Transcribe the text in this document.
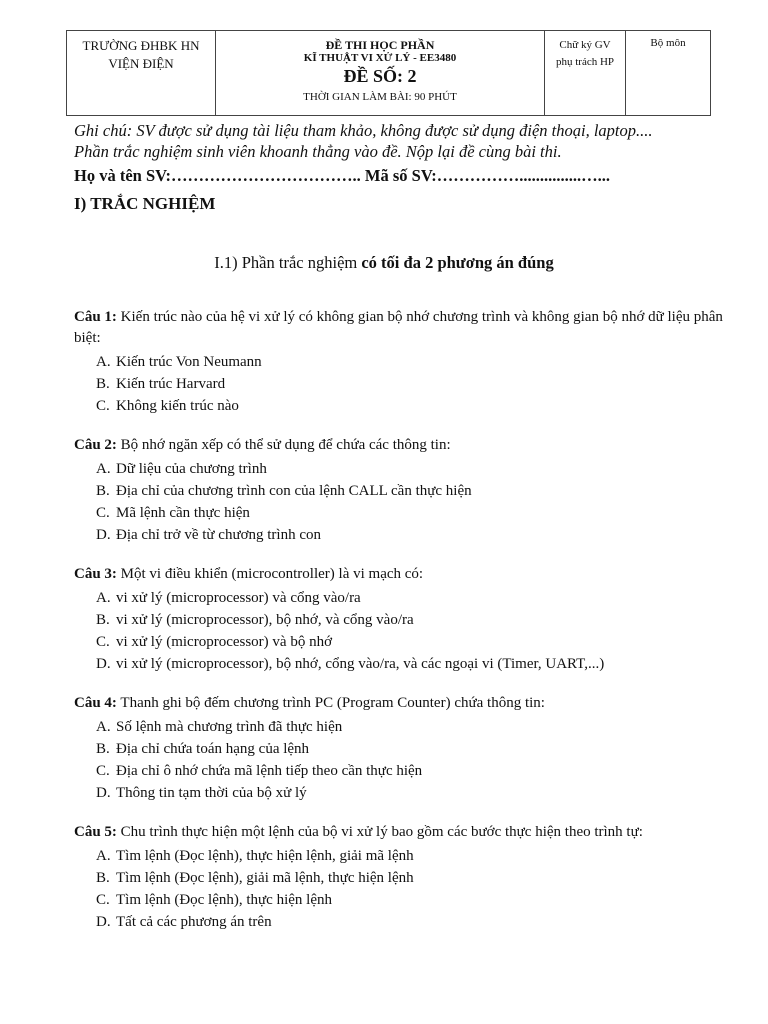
TRƯỜNG ĐHBK HN
VIỆN ĐIỆN

ĐỀ THI HỌC PHẦN
KĨ THUẬT VI XỬ LÝ - EE3480
ĐỀ SỐ: 2
THỜI GIAN LÀM BÀI: 90 PHÚT

Chữ ký GV
phụ trách HP

Bộ môn
Ghi chú: SV được sử dụng tài liệu tham khảo, không được sử dụng điện thoại, laptop....
Phần trắc nghiệm sinh viên khoanh thẳng vào đề. Nộp lại đề cùng bài thi.
Họ và tên SV:…………………………….. Mã số SV:……………...............…...
I) TRẮC NGHIỆM
I.1) Phần trắc nghiệm có tối đa 2 phương án đúng
Câu 1: Kiến trúc nào của hệ vi xử lý có không gian bộ nhớ chương trình và không gian bộ nhớ dữ liệu phân biệt:
A. Kiến trúc Von Neumann
B. Kiến trúc Harvard
C. Không kiến trúc nào
Câu 2: Bộ nhớ ngăn xếp có thể sử dụng để chứa các thông tin:
A. Dữ liệu của chương trình
B. Địa chỉ của chương trình con của lệnh CALL cần thực hiện
C. Mã lệnh cần thực hiện
D. Địa chỉ trở về từ chương trình con
Câu 3: Một vi điều khiển (microcontroller) là vi mạch có:
A. vi xử lý (microprocessor) và cổng vào/ra
B. vi xử lý (microprocessor), bộ nhớ, và cổng vào/ra
C. vi xử lý (microprocessor) và bộ nhớ
D. vi xử lý (microprocessor), bộ nhớ, cổng vào/ra, và các ngoại vi (Timer, UART,...)
Câu 4: Thanh ghi bộ đếm chương trình PC (Program Counter) chứa thông tin:
A. Số lệnh mà chương trình đã thực hiện
B. Địa chỉ chứa toán hạng của lệnh
C. Địa chỉ ô nhớ chứa mã lệnh tiếp theo cần thực hiện
D. Thông tin tạm thời của bộ xử lý
Câu 5: Chu trình thực hiện một lệnh của bộ vi xử lý bao gồm các bước thực hiện theo trình tự:
A. Tìm lệnh (Đọc lệnh), thực hiện lệnh, giải mã lệnh
B. Tìm lệnh (Đọc lệnh), giải mã lệnh, thực hiện lệnh
C. Tìm lệnh (Đọc lệnh), thực hiện lệnh
D. Tất cả các phương án trên
